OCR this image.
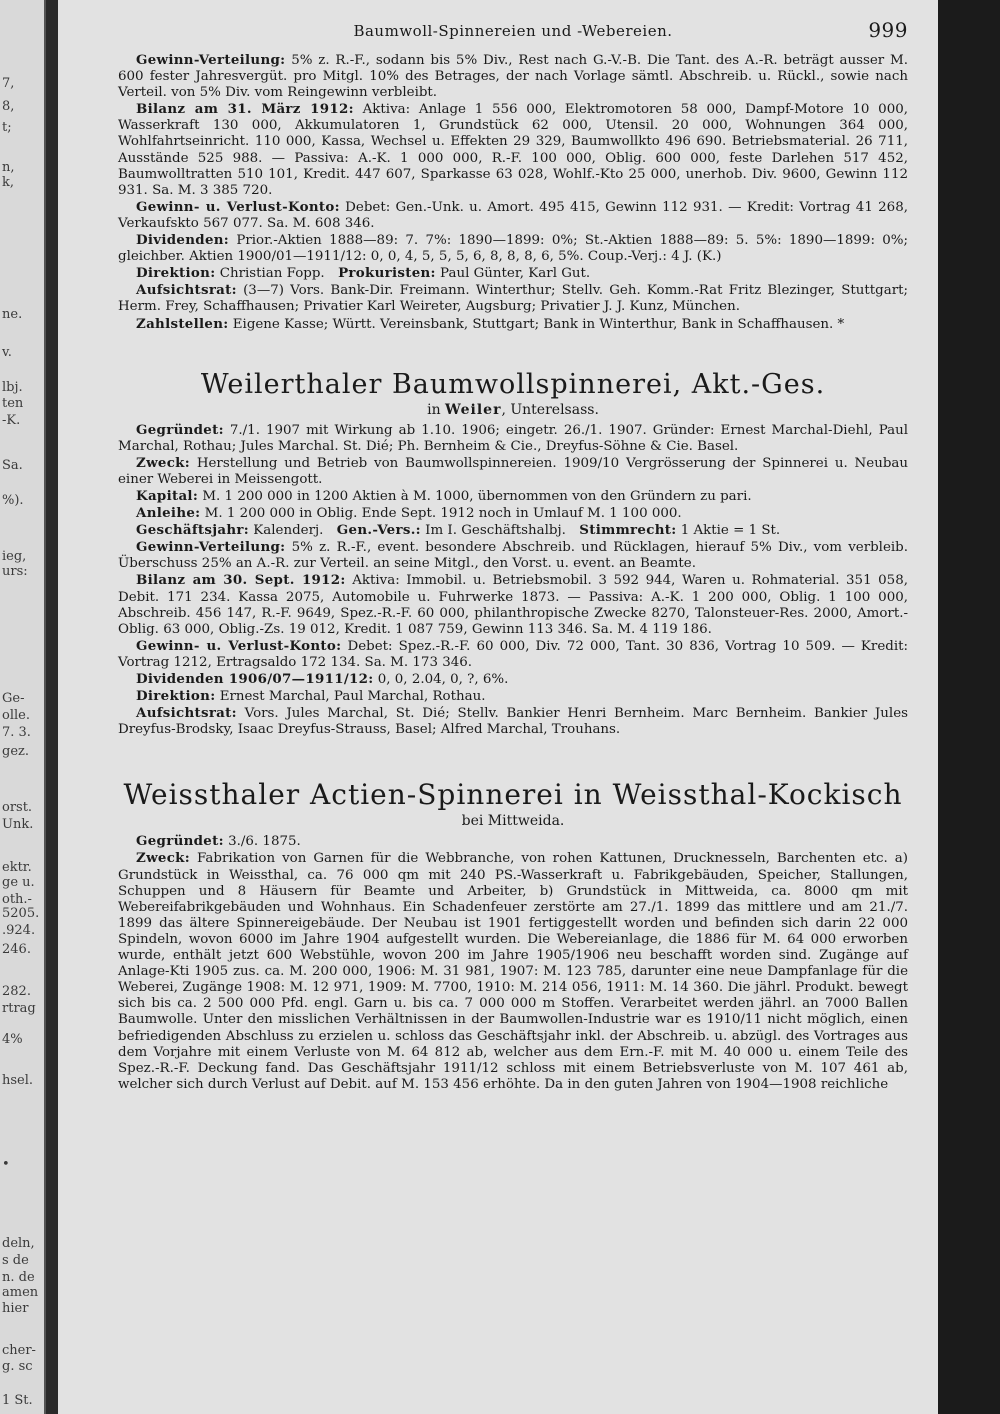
7,
8,
t;
n,
k,
ne.
v.
lbj.
ten
-K.
Sa.
%).
ieg,
urs:
Ge-
olle.
7. 3.
gez.
orst.
Unk.
ektr.
ge u.
oth.-
5205.
.924.
246.
282.
rtrag
4%
hsel.
•
deln,
s de
n. de
amen
hier
cher-
g. sc
1 St.
Baumwoll-Spinnereien und -Webereien.	999

Gewinn-Verteilung: 5% z. R.-F., sodann bis 5% Div., Rest nach G.-V.-B. Die Tant. des A.-R. beträgt ausser M. 600 fester Jahresvergüt. pro Mitgl. 10% des Betrages, der nach Vorlage sämtl. Abschreib. u. Rückl., sowie nach Verteil. von 5% Div. vom Reingewinn verbleibt.

Bilanz am 31. März 1912: Aktiva: Anlage 1 556 000, Elektromotoren 58 000, Dampf-Motore 10 000, Wasserkraft 130 000, Akkumulatoren 1, Grundstück 62 000, Utensil. 20 000, Wohnungen 364 000, Wohlfahrtseinricht. 110 000, Kassa, Wechsel u. Effekten 29 329, Baumwollkto 496 690. Betriebsmaterial. 26 711, Ausstände 525 988. — Passiva: A.-K. 1 000 000, R.-F. 100 000, Oblig. 600 000, feste Darlehen 517 452, Baumwolltratten 510 101, Kredit. 447 607, Sparkasse 63 028, Wohlf.-Kto 25 000, unerhob. Div. 9600, Gewinn 112 931. Sa. M. 3 385 720.

Gewinn- u. Verlust-Konto: Debet: Gen.-Unk. u. Amort. 495 415, Gewinn 112 931. — Kredit: Vortrag 41 268, Verkaufskto 567 077. Sa. M. 608 346.

Dividenden: Prior.-Aktien 1888—89: 7. 7%: 1890—1899: 0%; St.-Aktien 1888—89: 5. 5%: 1890—1899: 0%; gleichber. Aktien 1900/01—1911/12: 0, 0, 4, 5, 5, 5, 6, 8, 8, 8, 6, 5%. Coup.-Verj.: 4 J. (K.)

Direktion: Christian Fopp.  Prokuristen: Paul Günter, Karl Gut.

Aufsichtsrat: (3—7) Vors. Bank-Dir. Freimann. Winterthur; Stellv. Geh. Komm.-Rat Fritz Blezinger, Stuttgart; Herm. Frey, Schaffhausen; Privatier Karl Weireter, Augsburg; Privatier J. J. Kunz, München.

Zahlstellen: Eigene Kasse; Württ. Vereinsbank, Stuttgart; Bank in Winterthur, Bank in Schaffhausen. *

Weilerthaler Baumwollspinnerei, Akt.-Ges.
in Weiler, Unterelsass.

Gegründet: 7./1. 1907 mit Wirkung ab 1.10. 1906; eingetr. 26./1. 1907. Gründer: Ernest Marchal-Diehl, Paul Marchal, Rothau; Jules Marchal. St. Dié; Ph. Bernheim & Cie., Dreyfus-Söhne & Cie. Basel.

Zweck: Herstellung und Betrieb von Baumwollspinnereien. 1909/10 Vergrösserung der Spinnerei u. Neubau einer Weberei in Meissengott.

Kapital: M. 1 200 000 in 1200 Aktien à M. 1000, übernommen von den Gründern zu pari.

Anleihe: M. 1 200 000 in Oblig. Ende Sept. 1912 noch in Umlauf M. 1 100 000.

Geschäftsjahr: Kalenderj.  Gen.-Vers.: Im I. Geschäftshalbj.  Stimmrecht: 1 Aktie = 1 St.

Gewinn-Verteilung: 5% z. R.-F., event. besondere Abschreib. und Rücklagen, hierauf 5% Div., vom verbleib. Überschuss 25% an A.-R. zur Verteil. an seine Mitgl., den Vorst. u. event. an Beamte.

Bilanz am 30. Sept. 1912: Aktiva: Immobil. u. Betriebsmobil. 3 592 944, Waren u. Rohmaterial. 351 058, Debit. 171 234. Kassa 2075, Automobile u. Fuhrwerke 1873. — Passiva: A.-K. 1 200 000, Oblig. 1 100 000, Abschreib. 456 147, R.-F. 9649, Spez.-R.-F. 60 000, philanthropische Zwecke 8270, Talonsteuer-Res. 2000, Amort.-Oblig. 63 000, Oblig.-Zs. 19 012, Kredit. 1 087 759, Gewinn 113 346. Sa. M. 4 119 186.

Gewinn- u. Verlust-Konto: Debet: Spez.-R.-F. 60 000, Div. 72 000, Tant. 30 836, Vortrag 10 509. — Kredit: Vortrag 1212, Ertragsaldo 172 134. Sa. M. 173 346.

Dividenden 1906/07—1911/12: 0, 0, 2.04, 0, ?, 6%.

Direktion: Ernest Marchal, Paul Marchal, Rothau.

Aufsichtsrat: Vors. Jules Marchal, St. Dié; Stellv. Bankier Henri Bernheim. Marc Bernheim. Bankier Jules Dreyfus-Brodsky, Isaac Dreyfus-Strauss, Basel; Alfred Marchal, Trouhans.

Weissthaler Actien-Spinnerei in Weissthal-Kockisch
bei Mittweida.

Gegründet: 3./6. 1875.

Zweck: Fabrikation von Garnen für die Webbranche, von rohen Kattunen, Drucknesseln, Barchenten etc. a) Grundstück in Weissthal, ca. 76 000 qm mit 240 PS.-Wasserkraft u. Fabrikgebäuden, Speicher, Stallungen, Schuppen und 8 Häusern für Beamte und Arbeiter, b) Grundstück in Mittweida, ca. 8000 qm mit Webereifabrikgebäuden und Wohnhaus. Ein Schadenfeuer zerstörte am 27./1. 1899 das mittlere und am 21./7. 1899 das ältere Spinnereigebäude. Der Neubau ist 1901 fertiggestellt worden und befinden sich darin 22 000 Spindeln, wovon 6000 im Jahre 1904 aufgestellt wurden. Die Webereianlage, die 1886 für M. 64 000 erworben wurde, enthält jetzt 600 Webstühle, wovon 200 im Jahre 1905/1906 neu beschafft worden sind. Zugänge auf Anlage-Kti 1905 zus. ca. M. 200 000, 1906: M. 31 981, 1907: M. 123 785, darunter eine neue Dampfanlage für die Weberei, Zugänge 1908: M. 12 971, 1909: M. 7700, 1910: M. 214 056, 1911: M. 14 360. Die jährl. Produkt. bewegt sich bis ca. 2 500 000 Pfd. engl. Garn u. bis ca. 7 000 000 m Stoffen. Verarbeitet werden jährl. an 7000 Ballen Baumwolle. Unter den misslichen Verhältnissen in der Baumwollen-Industrie war es 1910/11 nicht möglich, einen befriedigenden Abschluss zu erzielen u. schloss das Geschäftsjahr inkl. der Abschreib. u. abzügl. des Vortrages aus dem Vorjahre mit einem Verluste von M. 64 812 ab, welcher aus dem Ern.-F. mit M. 40 000 u. einem Teile des Spez.-R.-F. Deckung fand. Das Geschäftsjahr 1911/12 schloss mit einem Betriebsverluste von M. 107 461 ab, welcher sich durch Verlust auf Debit. auf M. 153 456 erhöhte. Da in den guten Jahren von 1904—1908 reichliche
